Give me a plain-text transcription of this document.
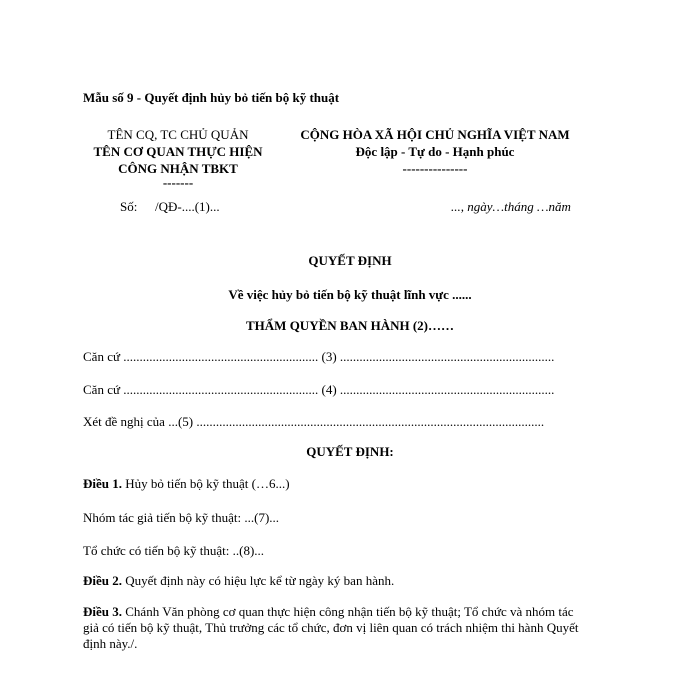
Mẫu số 9 - Quyết định hủy bỏ tiến bộ kỹ thuật
TÊN CQ, TC CHỦ QUẢN
TÊN CƠ QUAN THỰC HIỆN
CÔNG NHẬN TBKT
-------
CỘNG HÒA XÃ HỘI CHỦ NGHĨA VIỆT NAM
Độc lập - Tự do - Hạnh phúc
---------------
Số: /QĐ-....(1)...	..., ngày…tháng …năm
QUYẾT ĐỊNH
Về việc hủy bỏ tiến bộ kỹ thuật lĩnh vực ......
THẨM QUYỀN BAN HÀNH (2)……
Căn cứ ............................................................ (3) ..................................................................
Căn cứ ............................................................ (4) ..................................................................
Xét đề nghị của ...(5) ...........................................................................................................
QUYẾT ĐỊNH:
Điều 1. Hủy bỏ tiến bộ kỹ thuật (…6...)
Nhóm tác giả tiến bộ kỹ thuật: ...(7)...
Tổ chức có tiến bộ kỹ thuật: ..(8)...
Điều 2. Quyết định này có hiệu lực kể từ ngày ký ban hành.
Điều 3. Chánh Văn phòng cơ quan thực hiện công nhận tiến bộ kỹ thuật; Tổ chức và nhóm tác
giả có tiến bộ kỹ thuật, Thủ trưởng các tổ chức, đơn vị liên quan có trách nhiệm thi hành Quyết
định này./.
